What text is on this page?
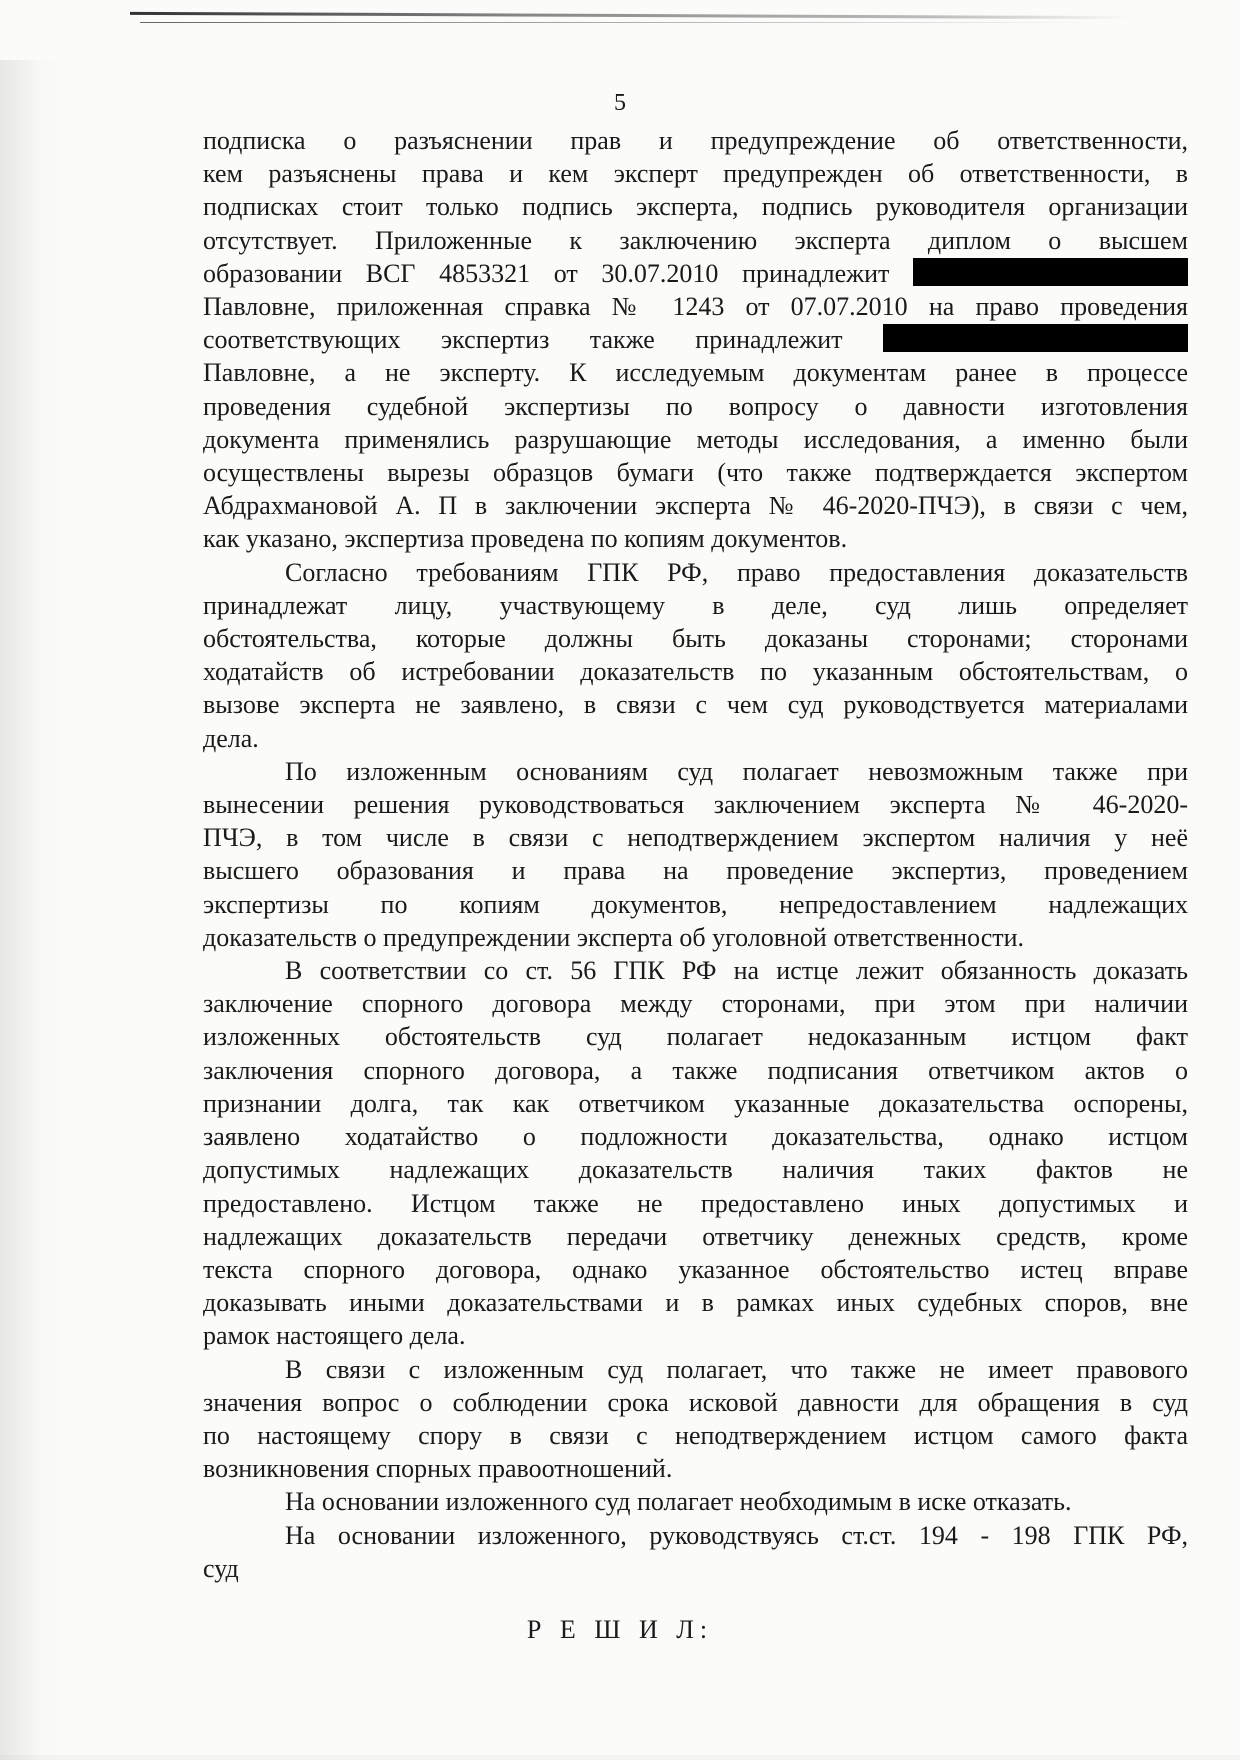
5

подписка о разъяснении прав и предупреждение об ответственности,
кем разъяснены права и кем эксперт предупрежден об ответственности, в
подписках стоит только подпись эксперта, подпись руководителя организации
отсутствует. Приложенные к заключению эксперта диплом о высшем
образовании ВСГ 4853321 от 30.07.2010 принадлежит
Павловне, приложенная справка № 1243 от 07.07.2010 на право проведения
соответствующих экспертиз также принадлежит
Павловне, а не эксперту. К исследуемым документам ранее в процессе
проведения судебной экспертизы по вопросу о давности изготовления
документа применялись разрушающие методы исследования, а именно были
осуществлены вырезы образцов бумаги (что также подтверждается экспертом
Абдрахмановой А. П в заключении эксперта № 46-2020-ПЧЭ), в связи с чем,
как указано, экспертиза проведена по копиям документов.

Согласно требованиям ГПК РФ, право предоставления доказательств
принадлежат лицу, участвующему в деле, суд лишь определяет
обстоятельства, которые должны быть доказаны сторонами; сторонами
ходатайств об истребовании доказательств по указанным обстоятельствам, о
вызове эксперта не заявлено, в связи с чем суд руководствуется материалами
дела.

По изложенным основаниям суд полагает невозможным также при
вынесении решения руководствоваться заключением эксперта № 46-2020-
ПЧЭ, в том числе в связи с неподтверждением экспертом наличия у неё
высшего образования и права на проведение экспертиз, проведением
экспертизы по копиям документов, непредоставлением надлежащих
доказательств о предупреждении эксперта об уголовной ответственности.

В соответствии со ст. 56 ГПК РФ на истце лежит обязанность доказать
заключение спорного договора между сторонами, при этом при наличии
изложенных обстоятельств суд полагает недоказанным истцом факт
заключения спорного договора, а также подписания ответчиком актов о
признании долга, так как ответчиком указанные доказательства оспорены,
заявлено ходатайство о подложности доказательства, однако истцом
допустимых надлежащих доказательств наличия таких фактов не
предоставлено. Истцом также не предоставлено иных допустимых и
надлежащих доказательств передачи ответчику денежных средств, кроме
текста спорного договора, однако указанное обстоятельство истец вправе
доказывать иными доказательствами и в рамках иных судебных споров, вне
рамок настоящего дела.

В связи с изложенным суд полагает, что также не имеет правового
значения вопрос о соблюдении срока исковой давности для обращения в суд
по настоящему спору в связи с неподтверждением истцом самого факта
возникновения спорных правоотношений.

На основании изложенного суд полагает необходимым в иске отказать.

На основании изложенного, руководствуясь ст.ст. 194 - 198 ГПК РФ,
суд

Р Е Ш И Л:
